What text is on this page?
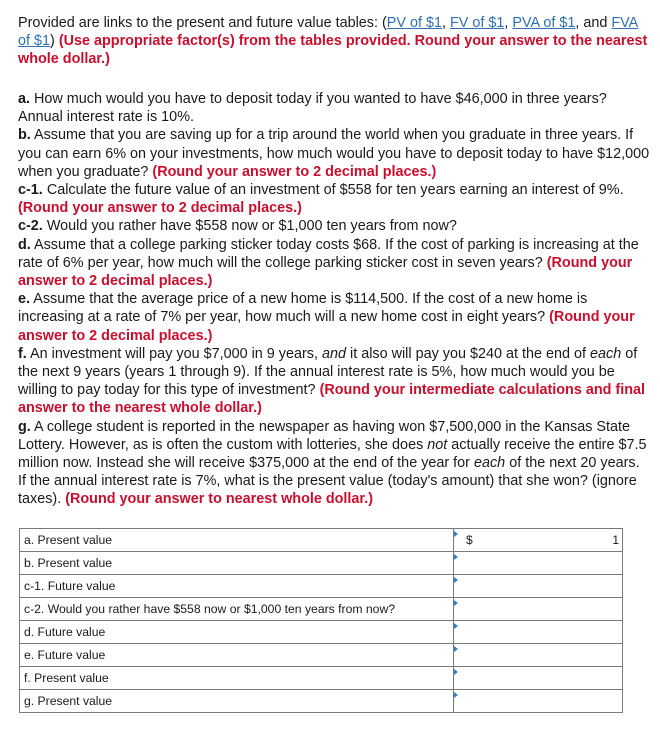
Provided are links to the present and future value tables: (PV of $1, FV of $1, PVA of $1, and FVA of $1) (Use appropriate factor(s) from the tables provided. Round your answer to the nearest whole dollar.)

a. How much would you have to deposit today if you wanted to have $46,000 in three years? Annual interest rate is 10%.

b. Assume that you are saving up for a trip around the world when you graduate in three years. If you can earn 6% on your investments, how much would you have to deposit today to have $12,000 when you graduate? (Round your answer to 2 decimal places.)

c-1. Calculate the future value of an investment of $558 for ten years earning an interest of 9%. (Round your answer to 2 decimal places.)

c-2. Would you rather have $558 now or $1,000 ten years from now?

d. Assume that a college parking sticker today costs $68. If the cost of parking is increasing at the rate of 6% per year, how much will the college parking sticker cost in seven years? (Round your answer to 2 decimal places.)

e. Assume that the average price of a new home is $114,500. If the cost of a new home is increasing at a rate of 7% per year, how much will a new home cost in eight years? (Round your answer to 2 decimal places.)

f. An investment will pay you $7,000 in 9 years, and it also will pay you $240 at the end of each of the next 9 years (years 1 through 9). If the annual interest rate is 5%, how much would you be willing to pay today for this type of investment? (Round your intermediate calculations and final answer to the nearest whole dollar.)

g. A college student is reported in the newspaper as having won $7,500,000 in the Kansas State Lottery. However, as is often the custom with lotteries, she does not actually receive the entire $7.5 million now. Instead she will receive $375,000 at the end of the year for each of the next 20 years. If the annual interest rate is 7%, what is the present value (today's amount) that she won? (ignore taxes). (Round your answer to nearest whole dollar.)

a. Present value	$ 1

b. Present value	

c-1. Future value	

c-2. Would you rather have $558 now or $1,000 ten years from now?	

d. Future value	

e. Future value	

f. Present value	

g. Present value	
